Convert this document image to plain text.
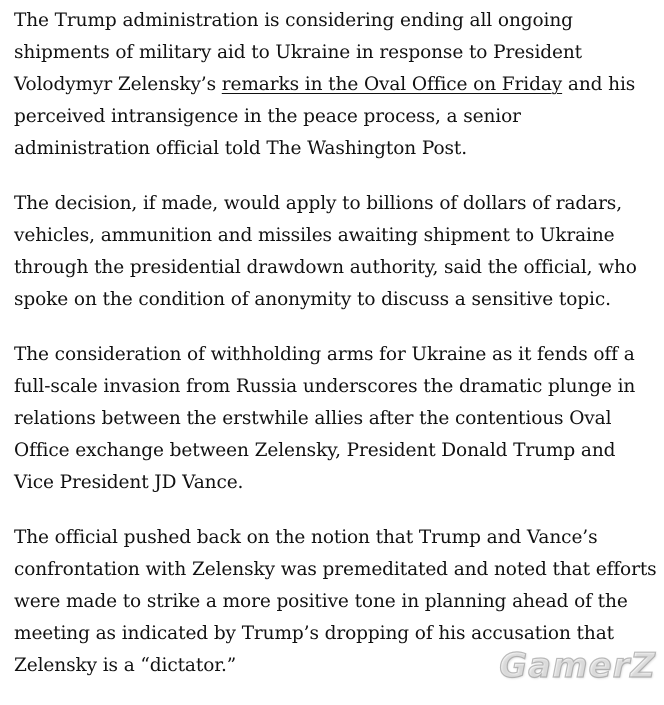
The Trump administration is considering ending all ongoing shipments of military aid to Ukraine in response to President Volodymyr Zelensky’s remarks in the Oval Office on Friday and his perceived intransigence in the peace process, a senior administration official told The Washington Post.

The decision, if made, would apply to billions of dollars of radars, vehicles, ammunition and missiles awaiting shipment to Ukraine through the presidential drawdown authority, said the official, who spoke on the condition of anonymity to discuss a sensitive topic.

The consideration of withholding arms for Ukraine as it fends off a full-scale invasion from Russia underscores the dramatic plunge in relations between the erstwhile allies after the contentious Oval Office exchange between Zelensky, President Donald Trump and Vice President JD Vance.

The official pushed back on the notion that Trump and Vance’s confrontation with Zelensky was premeditated and noted that efforts were made to strike a more positive tone in planning ahead of the meeting as indicated by Trump’s dropping of his accusation that Zelensky is a “dictator.”	GamerZ
